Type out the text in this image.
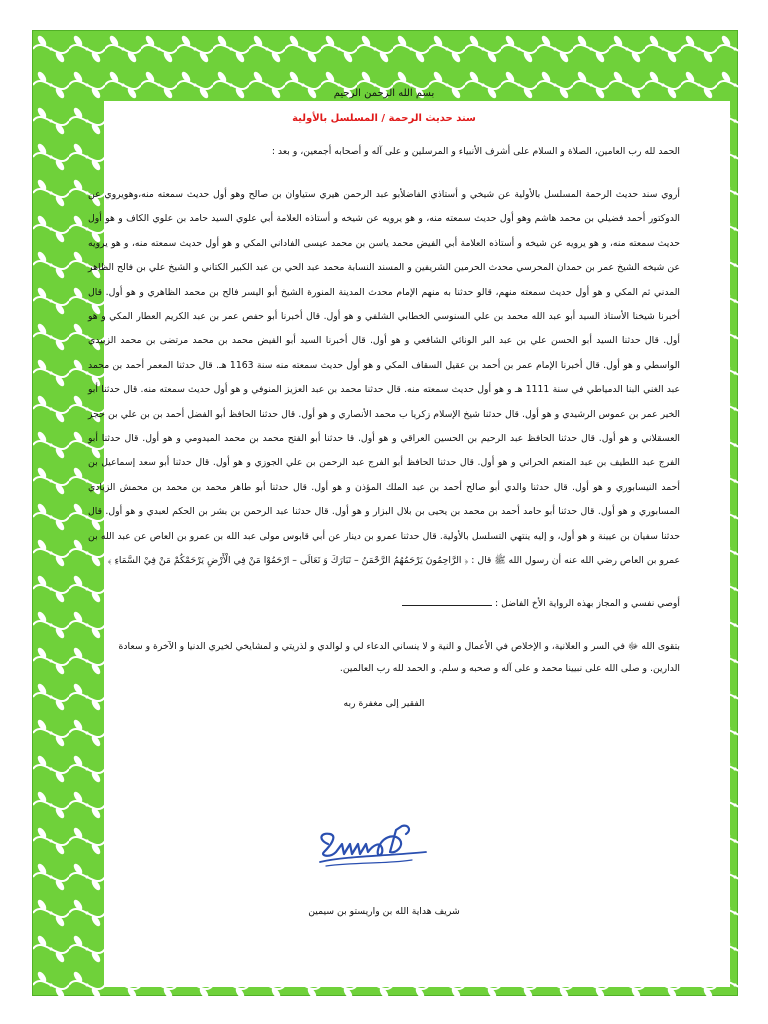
بسم الله الرحمن الرحيم

سند حديث الرحمة / المسلسل بالأولية

الحمد لله رب العامين، الصلاة و السلام على أشرف الأنبياء و المرسلين و على آله و أصحابه أجمعين، و بعد :

أروي سند حديث الرحمة المسلسل بالأولية عن شيخي و أستاذي الفاضلأبو عبد الرحمن هيري ستياوان بن صالح وهو أول حديث سمعته منه،وهويروي عن الدوكتور أحمد فضيلي بن محمد هاشم وهو أول حديث سمعته منه، و هو يرويه عن شيخه و أستاذه العلامة أبي علوي السيد حامد بن علوي الكاف و هو أول حديث سمعته منه، و هو يرويه عن شيخه و أستاذه العلامة أبي الفيض محمد ياسن بن محمد عيسى الفاداني المكي و هو أول حديث سمعته منه، و هو يرويه عن شيخه الشيخ عمر بن حمدان المحرسي محدث الحرمين الشريفين و المسند النسابة محمد عبد الحي بن عبد الكبير الكتاني و الشيخ علي بن فالح الظاهر المدني ثم المكي و هو أول حديث سمعته منهم، قالو حدثنا به منهم الإمام محدث المدينة المنورة الشيخ أبو اليسر فالح بن محمد الظاهري و هو أول. قال أخبرنا شيخنا الأستاذ السيد أبو عبد الله محمد بن علي السنوسي الخطابي الشلفي و هو أول. قال أخبرنا أبو حفص عمر بن عبد الكريم العطار المكي و هو أول. قال حدثنا السيد أبو الحسن علي بن عبد البر الونائي الشافعي و هو أول. قال أخبرنا السيد أبو الفيض محمد بن محمد مرتضى بن محمد الزبيدي الواسطي و هو أول. قال أخبرنا الإمام عمر بن أحمد بن عقيل السقاف المكي و هو أول حديث سمعته منه سنة 1163 هـ. قال حدثنا المعمر أحمد بن محمد عبد الغني البنا الدمياطي في سنة 1111 هـ و هو أول حديث سمعته منه. قال حدثنا محمد بن عبد العزيز المنوفي و هو أول حديث سمعته منه. قال حدثنا أبو الخير عمر بن عموس الرشيدي و هو أول. قال حدثنا شيخ الإسلام زكريا ب محمد الأنصاري و هو أول. قال حدثنا الحافظ أبو الفضل أحمد بن بن علي بن حجر العسقلاني و هو أول. قال حدثنا الحافظ عبد الرحيم بن الحسين العراقي و هو أول. قا حدثنا أبو الفتح محمد بن محمد الميدومي و هو أول. قال حدثنا أبو الفرج عبد اللطيف بن عبد المنعم الحراني و هو أول. قال حدثنا الحافظ أبو الفرج عبد الرحمن بن علي الجوزي و هو أول. قال حدثنا أبو سعد إسماعيل بن أحمد النيسابوري و هو أول. قال حدثنا والدي أبو صالح أحمد بن عبد الملك المؤذن و هو أول. قال حدثنا أبو طاهر محمد بن محمد بن محمش الزيادي المسابوري و هو أول. قال حدثنا أبو حامد أحمد بن محمد بن يحيى بن بلال البزار و هو أول. قال حدثنا عبد الرحمن بن بشر بن الحكم لعبدي و هو أول. قال حدثنا سفيان بن عيينة و هو أول، و إليه ينتهي التسلسل بالأولية. قال حدثنا عمرو بن دينار عن أبي قابوس مولى عبد الله بن عمرو بن العاص عن عبد الله بن عمرو بن العاص رضي الله عنه أن رسول الله ﷺ قال : ﴿ الرَّاحِمُونَ يَرْحَمُهُمُ الرَّحْمَنُ – تَبَارَكَ وَ تَعَالَى – ارْحَمُوْا مَنْ فِي الْأَرْضِ يَرْحَمْكُمْ مَنْ فِيْ السَّمَاءِ ﴾

أوصي نفسي و المجاز بهذه الرواية الأخ الفاضل :

بتقوى الله ﷻ في السر و العلانية، و الإخلاص في الأعمال و النية و لا ينساني الدعاء لي و لوالدي و لذريتي و لمشايخي لخيري الدنيا و الآخرة و سعادة الدارين. و صلى الله على نبيينا محمد و على آله و صحبه و سلم. و الحمد لله رب العالمين.

الفقير إلى مغفرة ربه

شريف هداية الله بن واريستو بن سيمين
